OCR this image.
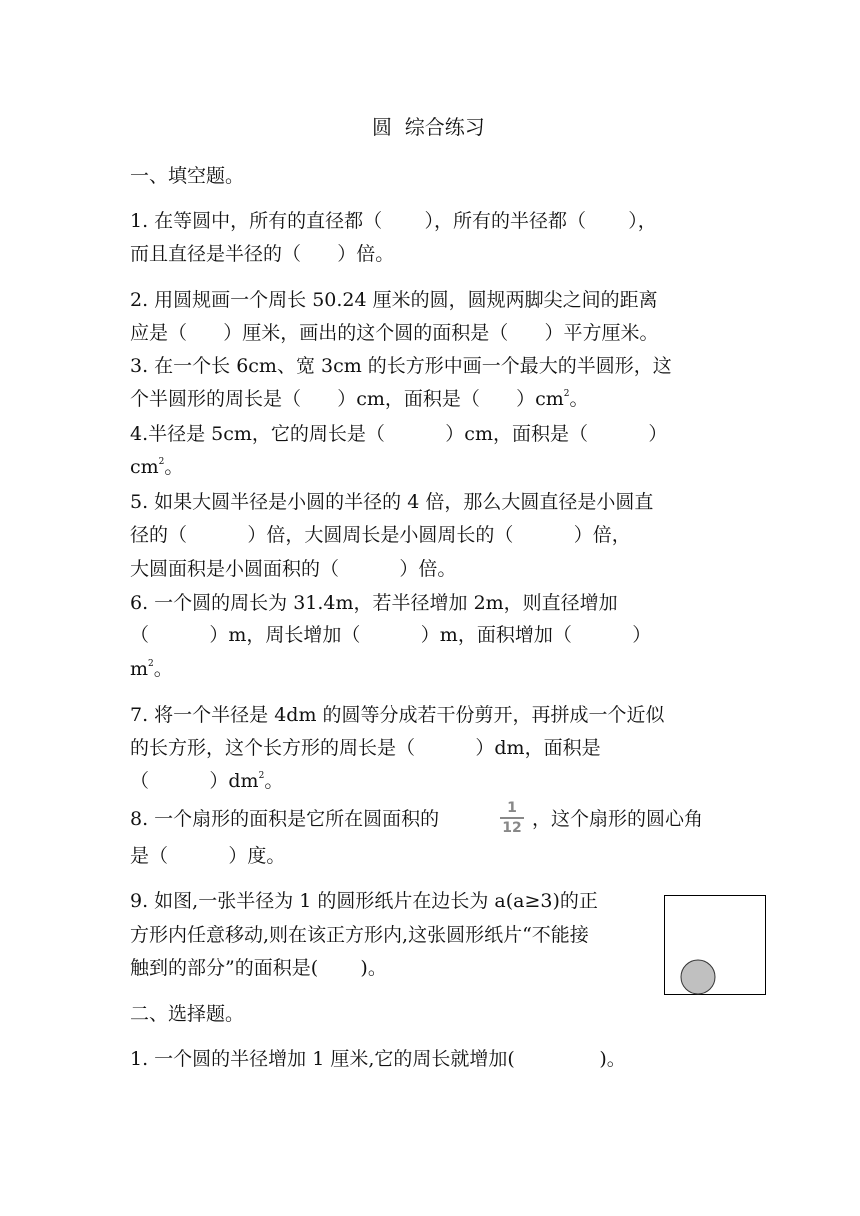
圆  综合练习
一、填空题。
1. 在等圆中，所有的直径都（       ），所有的半径都（       ），
而且直径是半径的（      ）倍。
2. 用圆规画一个周长 50.24 厘米的圆，圆规两脚尖之间的距离
应是（      ）厘米，画出的这个圆的面积是（      ）平方厘米。
3. 在一个长 6cm、宽 3cm 的长方形中画一个最大的半圆形，这
个半圆形的周长是（      ）cm，面积是（      ）$cm^2$。
4.半径是 5cm，它的周长是（          ）cm，面积是（          ）
$cm^2$。
5. 如果大圆半径是小圆的半径的 4 倍，那么大圆直径是小圆直
径的（          ）倍，大圆周长是小圆周长的（          ）倍，
大圆面积是小圆面积的（          ）倍。
6. 一个圆的周长为 31.4m，若半径增加 2m，则直径增加
（          ）m，周长增加（          ）m，面积增加（          ）
$m^2$。
7. 将一个半径是 4dm 的圆等分成若干份剪开，再拼成一个近似
的长方形，这个长方形的周长是（          ）dm，面积是
（          ）$dm^2$。
8. 一个扇形的面积是它所在圆面积的	1
12 ，这个扇形的圆心角
是（          ）度。
9. 如图,一张半径为 1 的圆形纸片在边长为 a(a≥3)的正
方形内任意移动,则在该正方形内,这张圆形纸片“不能接
触到的部分”的面积是(       )。
二、选择题。
1. 一个圆的半径增加 1 厘米,它的周长就增加(              )。
